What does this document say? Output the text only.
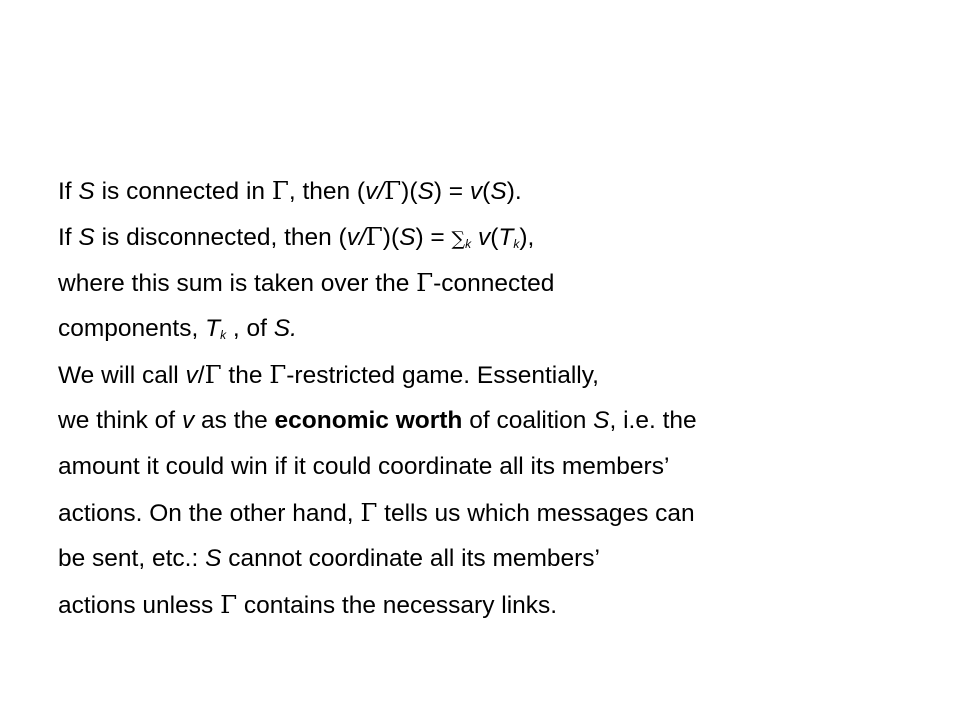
If S is connected in Γ, then (v/Γ)(S) = v(S).
If S is disconnected, then $(v/\Gamma)(S) = \sum_k$ $v(T_k)$,
where this sum is taken over the Γ-connected
components, $T_k$ , of S.
We will call v/Γ the Γ-restricted game. Essentially,
we think of v as the economic worth of coalition S, i.e. the
amount it could win if it could coordinate all its members’
actions. On the other hand, Γ tells us which messages can
be sent, etc.: S cannot coordinate all its members’
actions unless Γ contains the necessary links.
